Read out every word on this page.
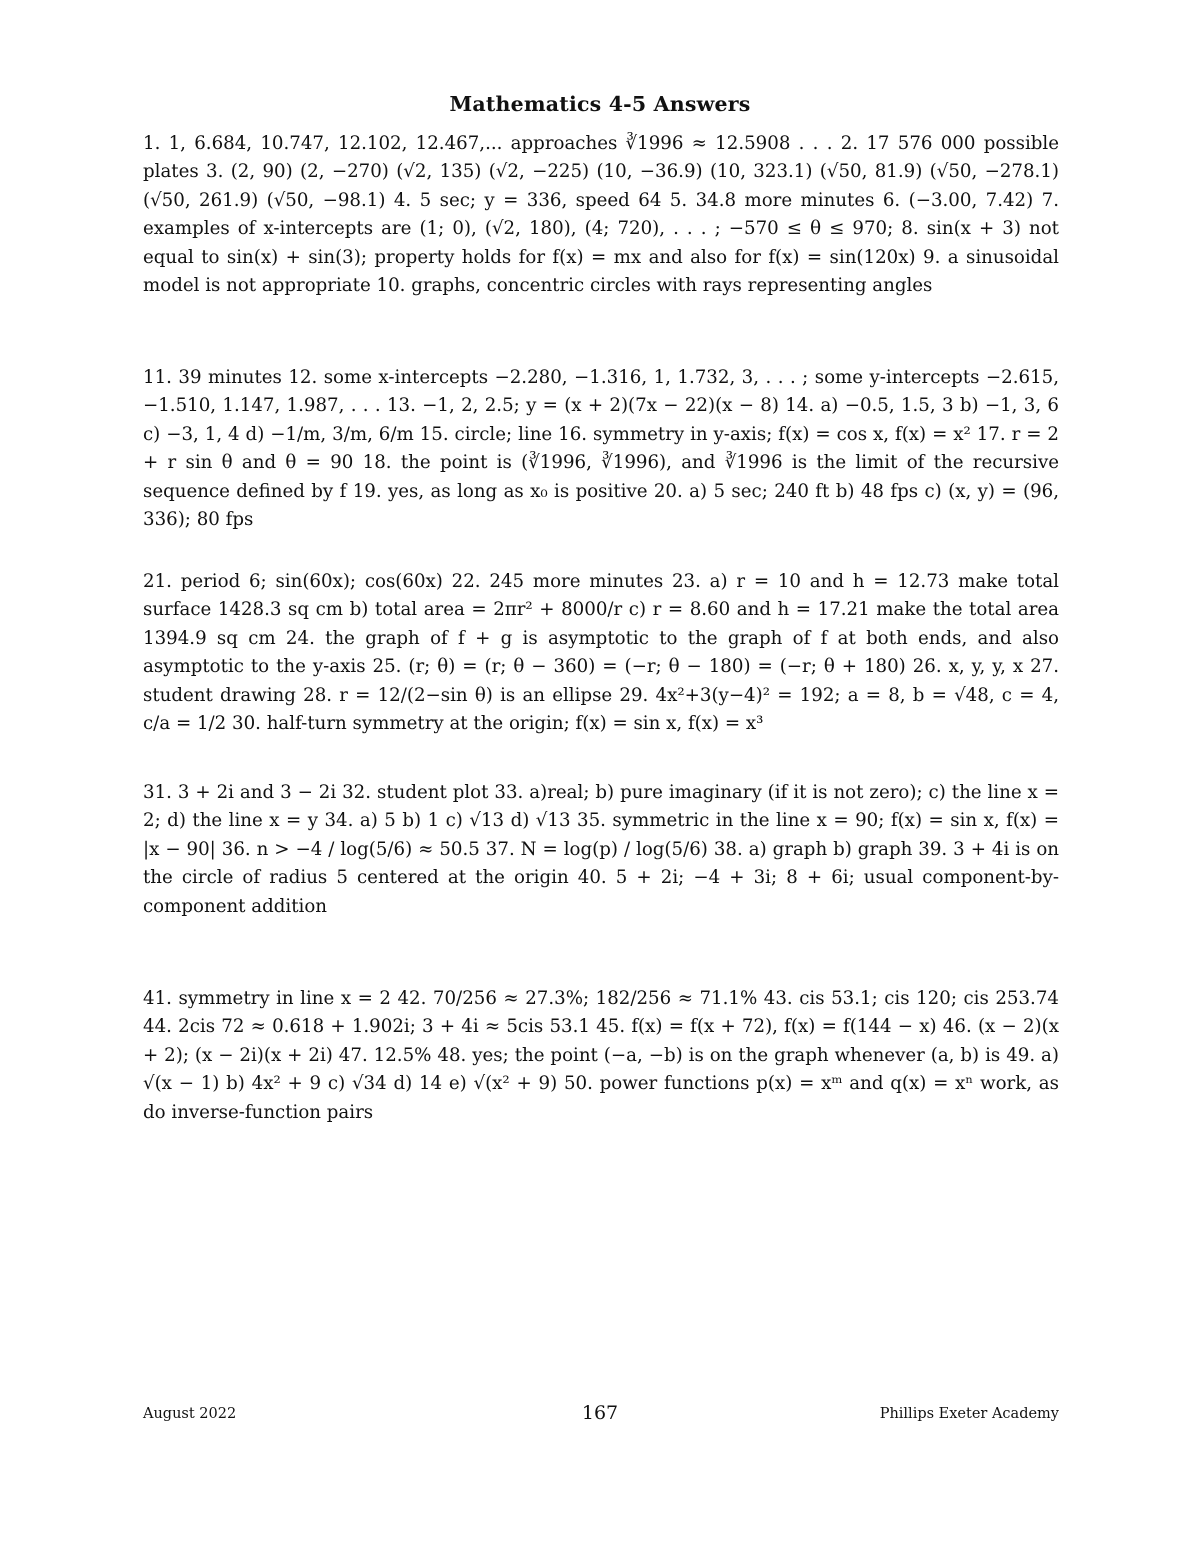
Mathematics 4-5 Answers
1. 1, 6.684, 10.747, 12.102, 12.467,... approaches ∛1996 ≈ 12.5908 . . . 2. 17 576 000 possible plates 3. (2, 90) (2, −270) (√2, 135) (√2, −225) (10, −36.9) (10, 323.1) (√50, 81.9) (√50, −278.1) (√50, 261.9) (√50, −98.1) 4. 5 sec; y = 336, speed 64 5. 34.8 more minutes 6. (−3.00, 7.42) 7. examples of x-intercepts are (1; 0), (√2, 180), (4; 720), . . . ; −570 ≤ θ ≤ 970; 8. sin(x + 3) not equal to sin(x) + sin(3); property holds for f(x) = mx and also for f(x) = sin(120x) 9. a sinusoidal model is not appropriate 10. graphs, concentric circles with rays representing angles
11. 39 minutes 12. some x-intercepts −2.280, −1.316, 1, 1.732, 3, . . . ; some y-intercepts −2.615, −1.510, 1.147, 1.987, . . . 13. −1, 2, 2.5; y = (x + 2)(7x − 22)(x − 8) 14. a) −0.5, 1.5, 3 b) −1, 3, 6 c) −3, 1, 4 d) −1/m, 3/m, 6/m 15. circle; line 16. symmetry in y-axis; f(x) = cos x, f(x) = x² 17. r = 2 + r sin θ and θ = 90 18. the point is (∛1996, ∛1996), and ∛1996 is the limit of the recursive sequence defined by f 19. yes, as long as x₀ is positive 20. a) 5 sec; 240 ft b) 48 fps c) (x, y) = (96, 336); 80 fps
21. period 6; sin(60x); cos(60x) 22. 245 more minutes 23. a) r = 10 and h = 12.73 make total surface 1428.3 sq cm b) total area = 2πr² + 8000/r c) r = 8.60 and h = 17.21 make the total area 1394.9 sq cm 24. the graph of f + g is asymptotic to the graph of f at both ends, and also asymptotic to the y-axis 25. (r; θ) = (r; θ − 360) = (−r; θ − 180) = (−r; θ + 180) 26. x, y, y, x 27. student drawing 28. r = 12/(2−sin θ) is an ellipse 29. 4x²+3(y−4)² = 192; a = 8, b = √48, c = 4, c/a = 1/2 30. half-turn symmetry at the origin; f(x) = sin x, f(x) = x³
31. 3 + 2i and 3 − 2i 32. student plot 33. a)real; b) pure imaginary (if it is not zero); c) the line x = 2; d) the line x = y 34. a) 5 b) 1 c) √13 d) √13 35. symmetric in the line x = 90; f(x) = sin x, f(x) = |x − 90| 36. n > −4 / log(5/6) ≈ 50.5 37. N = log(p) / log(5/6) 38. a) graph b) graph 39. 3 + 4i is on the circle of radius 5 centered at the origin 40. 5 + 2i; −4 + 3i; 8 + 6i; usual component-by-component addition
41. symmetry in line x = 2 42. 70/256 ≈ 27.3%; 182/256 ≈ 71.1% 43. cis 53.1; cis 120; cis 253.74 44. 2cis 72 ≈ 0.618 + 1.902i; 3 + 4i ≈ 5cis 53.1 45. f(x) = f(x + 72), f(x) = f(144 − x) 46. (x − 2)(x + 2); (x − 2i)(x + 2i) 47. 12.5% 48. yes; the point (−a, −b) is on the graph whenever (a, b) is 49. a) √(x − 1) b) 4x² + 9 c) √34 d) 14 e) √(x² + 9) 50. power functions p(x) = xᵐ and q(x) = xⁿ work, as do inverse-function pairs
August 2022	167	Phillips Exeter Academy
